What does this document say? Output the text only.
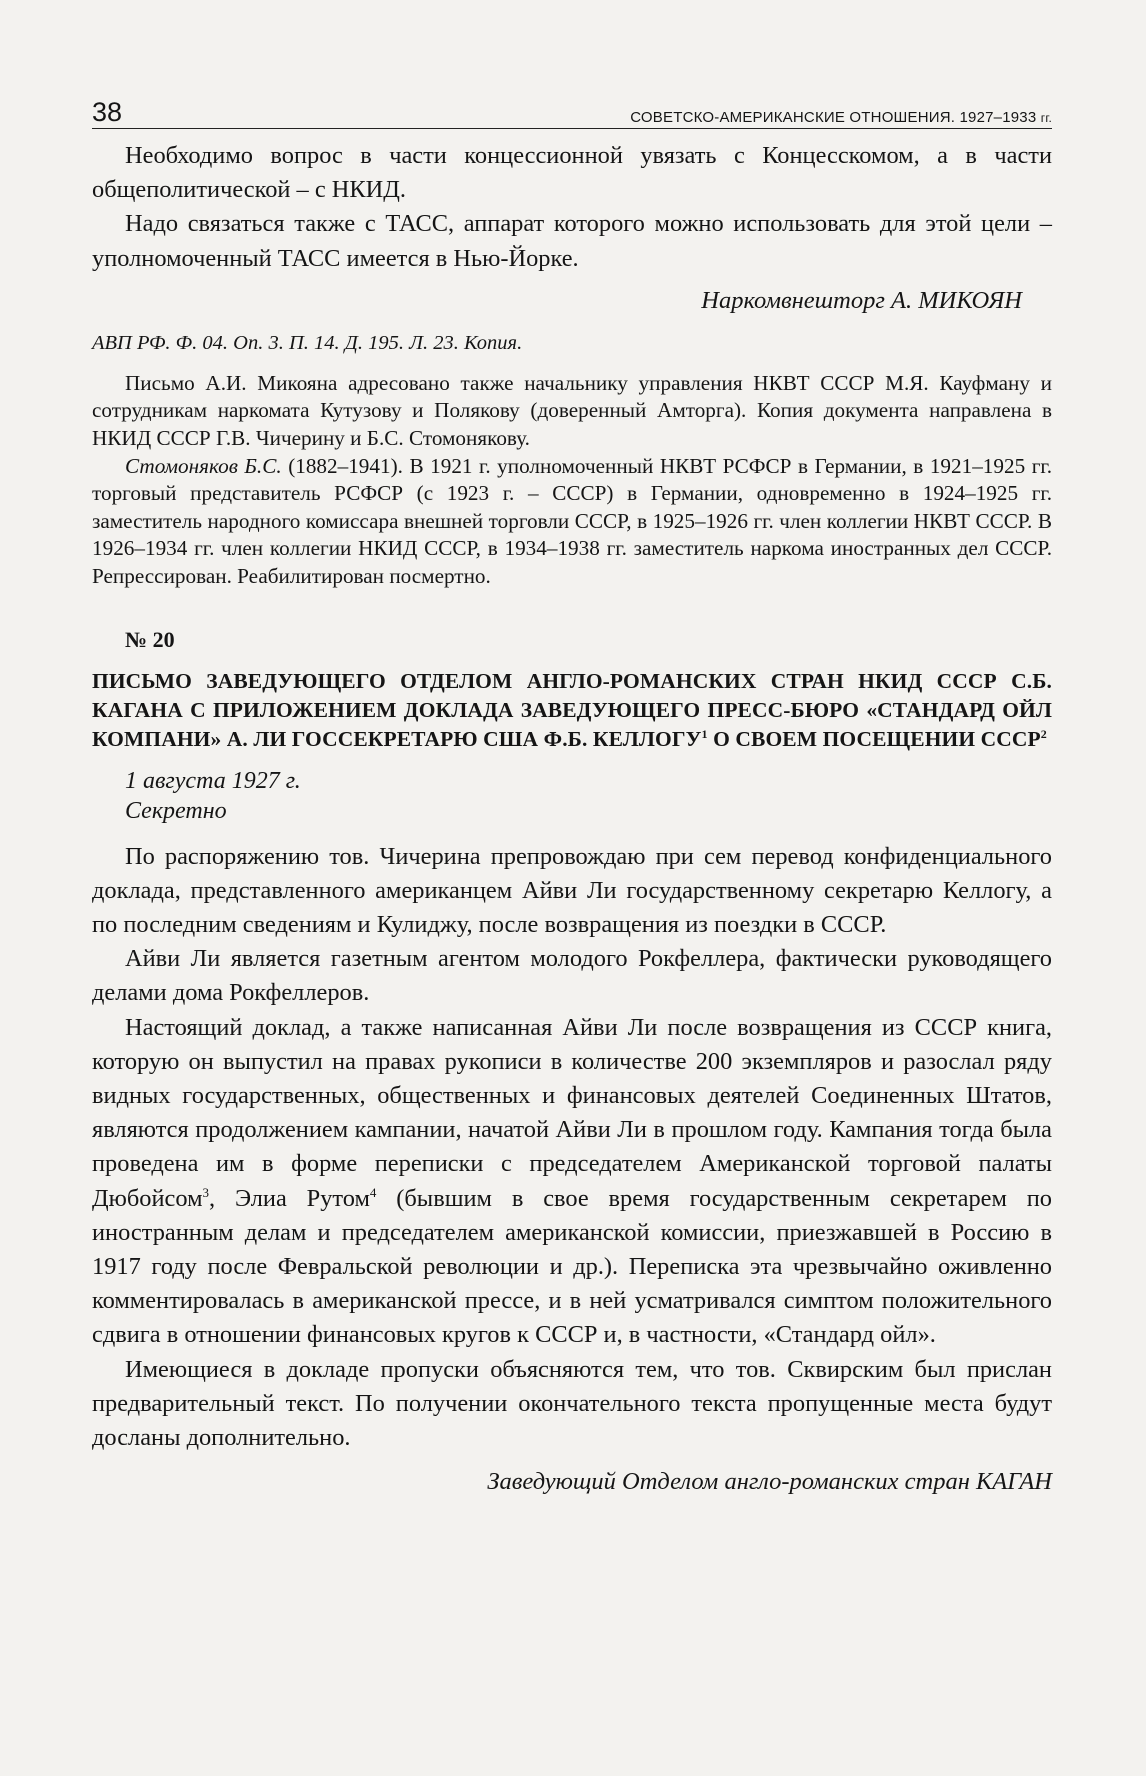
38	СОВЕТСКО-АМЕРИКАНСКИЕ ОТНОШЕНИЯ. 1927–1933 гг.

Необходимо вопрос в части концессионной увязать с Концесскомом, а в части общеполитической – с НКИД.

Надо связаться также с ТАСС, аппарат которого можно использовать для этой цели – уполномоченный ТАСС имеется в Нью-Йорке.

Наркомвнешторг А. МИКОЯН

АВП РФ. Ф. 04. Оп. 3. П. 14. Д. 195. Л. 23. Копия.

Письмо А.И. Микояна адресовано также начальнику управления НКВТ СССР М.Я. Кауфману и сотрудникам наркомата Кутузову и Полякову (доверенный Амторга). Копия документа направлена в НКИД СССР Г.В. Чичерину и Б.С. Стомонякову.

Стомоняков Б.С. (1882–1941). В 1921 г. уполномоченный НКВТ РСФСР в Германии, в 1921–1925 гг. торговый представитель РСФСР (с 1923 г. – СССР) в Германии, одновременно в 1924–1925 гг. заместитель народного комиссара внешней торговли СССР, в 1925–1926 гг. член коллегии НКВТ СССР. В 1926–1934 гг. член коллегии НКИД СССР, в 1934–1938 гг. заместитель наркома иностранных дел СССР. Репрессирован. Реабилитирован посмертно.

№ 20
ПИСЬМО ЗАВЕДУЮЩЕГО ОТДЕЛОМ АНГЛО-РОМАНСКИХ СТРАН НКИД СССР С.Б. КАГАНА С ПРИЛОЖЕНИЕМ ДОКЛАДА ЗАВЕДУЮЩЕГО ПРЕСС-БЮРО «СТАНДАРД ОЙЛ КОМПАНИ» А. ЛИ ГОССЕКРЕТАРЮ США Ф.Б. КЕЛЛОГУ$^1$ О СВОЕМ ПОСЕЩЕНИИ СССР$^2$
1 августа 1927 г.
Секретно

По распоряжению тов. Чичерина препровождаю при сем перевод конфиденциального доклада, представленного американцем Айви Ли государственному секретарю Келлогу, а по последним сведениям и Кулиджу, после возвращения из поездки в СССР.

Айви Ли является газетным агентом молодого Рокфеллера, фактически руководящего делами дома Рокфеллеров.

Настоящий доклад, а также написанная Айви Ли после возвращения из СССР книга, которую он выпустил на правах рукописи в количестве 200 экземпляров и разослал ряду видных государственных, общественных и финансовых деятелей Соединенных Штатов, являются продолжением кампании, начатой Айви Ли в прошлом году. Кампания тогда была проведена им в форме переписки с председателем Американской торговой палаты Дюбойсом$^3$, Элиа Рутом$^4$ (бывшим в свое время государственным секретарем по иностранным делам и председателем американской комиссии, приезжавшей в Россию в 1917 году после Февральской революции и др.). Переписка эта чрезвычайно оживленно комментировалась в американской прессе, и в ней усматривался симптом положительного сдвига в отношении финансовых кругов к СССР и, в частности, «Стандард ойл».

Имеющиеся в докладе пропуски объясняются тем, что тов. Сквирским был прислан предварительный текст. По получении окончательного текста пропущенные места будут досланы дополнительно.

Заведующий Отделом англо-романских стран КАГАН
